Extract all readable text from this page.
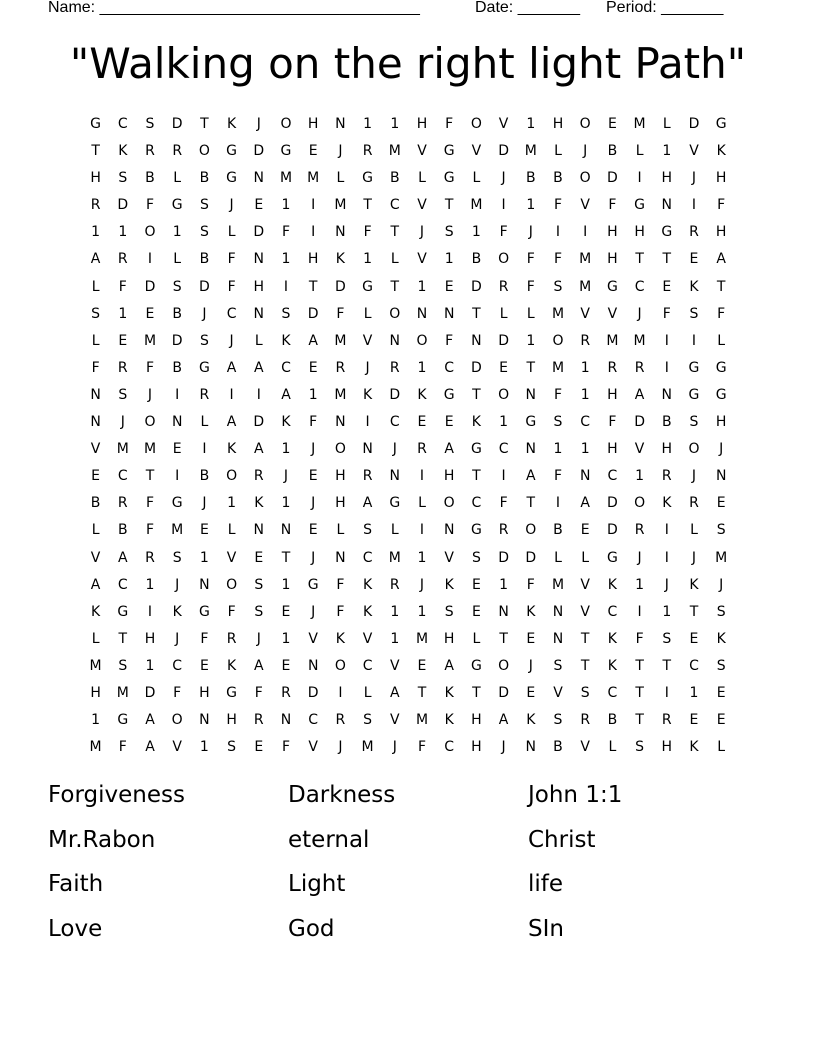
Name: ____________________________________

	Date: _______

Period: _______

"Walking on the right light Path"
G	C	S	D	T	K	J	O	H	N	1	1	H	F	O	V	1	H	O	E	M	L	D	G
T	K	R	R	O	G	D	G	E	J	R	M	V	G	V	D	M	L	J	B	L	1	V	K
H	S	B	L	B	G	N	M	M	L	G	B	L	G	L	J	B	B	O	D	I	H	J	H
R	D	F	G	S	J	E	1	I	M	T	C	V	T	M	I	1	F	V	F	G	N	I	F
1	1	O	1	S	L	D	F	I	N	F	T	J	S	1	F	J	I	I	H	H	G	R	H
A	R	I	L	B	F	N	1	H	K	1	L	V	1	B	O	F	F	M	H	T	T	E	A
L	F	D	S	D	F	H	I	T	D	G	T	1	E	D	R	F	S	M	G	C	E	K	T
S	1	E	B	J	C	N	S	D	F	L	O	N	N	T	L	L	M	V	V	J	F	S	F
L	E	M	D	S	J	L	K	A	M	V	N	O	F	N	D	1	O	R	M	M	I	I	L
F	R	F	B	G	A	A	C	E	R	J	R	1	C	D	E	T	M	1	R	R	I	G	G
N	S	J	I	R	I	I	A	1	M	K	D	K	G	T	O	N	F	1	H	A	N	G	G
N	J	O	N	L	A	D	K	F	N	I	C	E	E	K	1	G	S	C	F	D	B	S	H
V	M	M	E	I	K	A	1	J	O	N	J	R	A	G	C	N	1	1	H	V	H	O	J
E	C	T	I	B	O	R	J	E	H	R	N	I	H	T	I	A	F	N	C	1	R	J	N
B	R	F	G	J	1	K	1	J	H	A	G	L	O	C	F	T	I	A	D	O	K	R	E
L	B	F	M	E	L	N	N	E	L	S	L	I	N	G	R	O	B	E	D	R	I	L	S
V	A	R	S	1	V	E	T	J	N	C	M	1	V	S	D	D	L	L	G	J	I	J	M
A	C	1	J	N	O	S	1	G	F	K	R	J	K	E	1	F	M	V	K	1	J	K	J
K	G	I	K	G	F	S	E	J	F	K	1	1	S	E	N	K	N	V	C	I	1	T	S
L	T	H	J	F	R	J	1	V	K	V	1	M	H	L	T	E	N	T	K	F	S	E	K
M	S	1	C	E	K	A	E	N	O	C	V	E	A	G	O	J	S	T	K	T	T	C	S
H	M	D	F	H	G	F	R	D	I	L	A	T	K	T	D	E	V	S	C	T	I	1	E
1	G	A	O	N	H	R	N	C	R	S	V	M	K	H	A	K	S	R	B	T	R	E	E
M	F	A	V	1	S	E	F	V	J	M	J	F	C	H	J	N	B	V	L	S	H	K	L
Forgiveness	Darkness	John 1:1
Mr.Rabon	eternal	Christ
Faith	Light	life
Love	God	SIn
